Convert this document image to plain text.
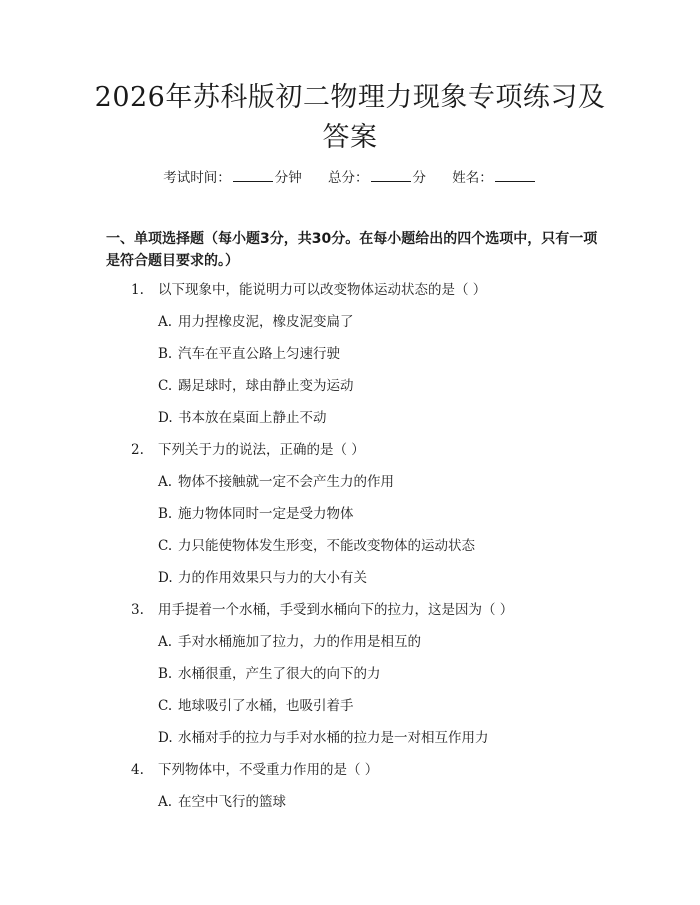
2026年苏科版初二物理力现象专项练习及答案
考试时间：	分钟 总分：	分 姓名：
一、单项选择题（每小题3分，共30分。在每小题给出的四个选项中，只有一项是符合题目要求的。）
1.	以下现象中，能说明力可以改变物体运动状态的是（ ）
A. 用力捏橡皮泥，橡皮泥变扁了
B. 汽车在平直公路上匀速行驶
C. 踢足球时，球由静止变为运动
D. 书本放在桌面上静止不动
2.	下列关于力的说法，正确的是（ ）
A. 物体不接触就一定不会产生力的作用
B. 施力物体同时一定是受力物体
C. 力只能使物体发生形变，不能改变物体的运动状态
D. 力的作用效果只与力的大小有关
3.	用手提着一个水桶，手受到水桶向下的拉力，这是因为（ ）
A. 手对水桶施加了拉力，力的作用是相互的
B. 水桶很重，产生了很大的向下的力
C. 地球吸引了水桶，也吸引着手
D. 水桶对手的拉力与手对水桶的拉力是一对相互作用力
4.	下列物体中，不受重力作用的是（ ）
A. 在空中飞行的篮球
